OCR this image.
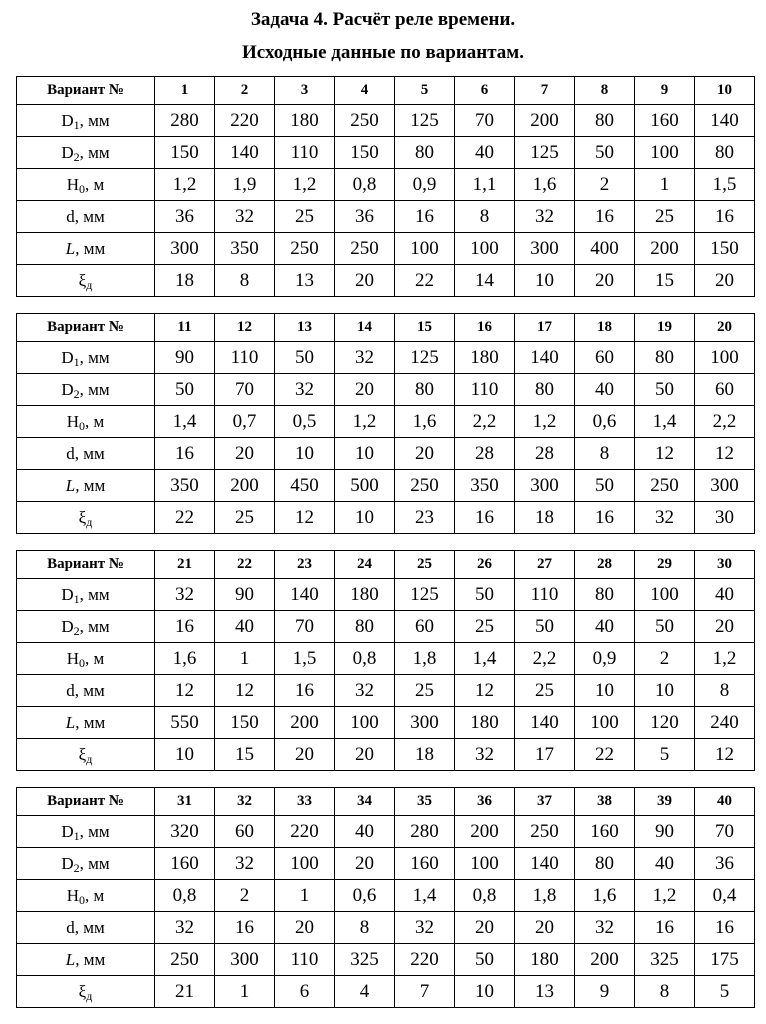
Задача 4. Расчёт реле времени.
Исходные данные по вариантам.
Вариант №	1	2	3	4	5	6	7	8	9	10
$D_1$, мм	280	220	180	250	125	70	200	80	160	140
$D_2$, мм	150	140	110	150	80	40	125	50	100	80
$H_0$, м	1,2	1,9	1,2	0,8	0,9	1,1	1,6	2	1	1,5
d, мм	36	32	25	36	16	8	32	16	25	16
L, мм	300	350	250	250	100	100	300	400	200	150
$\xi_д$	18	8	13	20	22	14	10	20	15	20
Вариант №	11	12	13	14	15	16	17	18	19	20
$D_1$, мм	90	110	50	32	125	180	140	60	80	100
$D_2$, мм	50	70	32	20	80	110	80	40	50	60
$H_0$, м	1,4	0,7	0,5	1,2	1,6	2,2	1,2	0,6	1,4	2,2
d, мм	16	20	10	10	20	28	28	8	12	12
L, мм	350	200	450	500	250	350	300	50	250	300
$\xi_д$	22	25	12	10	23	16	18	16	32	30
Вариант №	21	22	23	24	25	26	27	28	29	30
$D_1$, мм	32	90	140	180	125	50	110	80	100	40
$D_2$, мм	16	40	70	80	60	25	50	40	50	20
$H_0$, м	1,6	1	1,5	0,8	1,8	1,4	2,2	0,9	2	1,2
d, мм	12	12	16	32	25	12	25	10	10	8
L, мм	550	150	200	100	300	180	140	100	120	240
$\xi_д$	10	15	20	20	18	32	17	22	5	12
Вариант №	31	32	33	34	35	36	37	38	39	40
$D_1$, мм	320	60	220	40	280	200	250	160	90	70
$D_2$, мм	160	32	100	20	160	100	140	80	40	36
$H_0$, м	0,8	2	1	0,6	1,4	0,8	1,8	1,6	1,2	0,4
d, мм	32	16	20	8	32	20	20	32	16	16
L, мм	250	300	110	325	220	50	180	200	325	175
$\xi_д$	21	1	6	4	7	10	13	9	8	5
